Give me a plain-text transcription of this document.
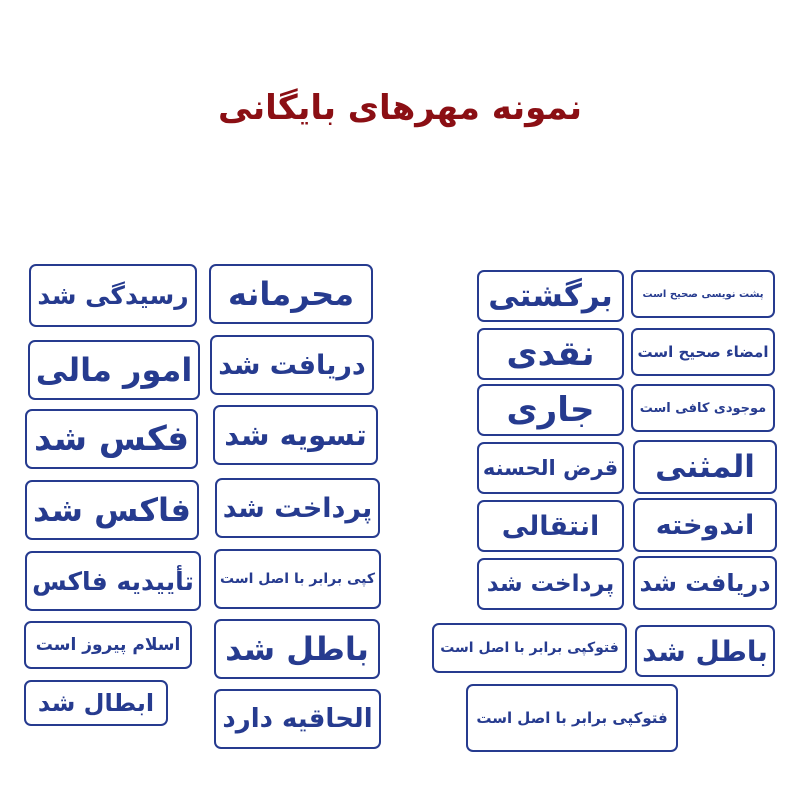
نمونه مهرهای بایگانی
رسیدگی شد
امور مالی
فکس شد
فاکس شد
تأییدیه فاکس
اسلام پیروز است
ابطال شد
محرمانه
دریافت شد
تسویه شد
پرداخت شد
کپی برابر با اصل است
باطل شد
الحاقیه دارد
برگشتی
نقدی
جاری
قرض الحسنه
انتقالی
پرداخت شد
فتوکپی برابر با اصل است
فتوکپی برابر با اصل است
پشت نویسی صحیح است
امضاء صحیح است
موجودی کافی است
المثنی
اندوخته
دریافت شد
باطل شد
